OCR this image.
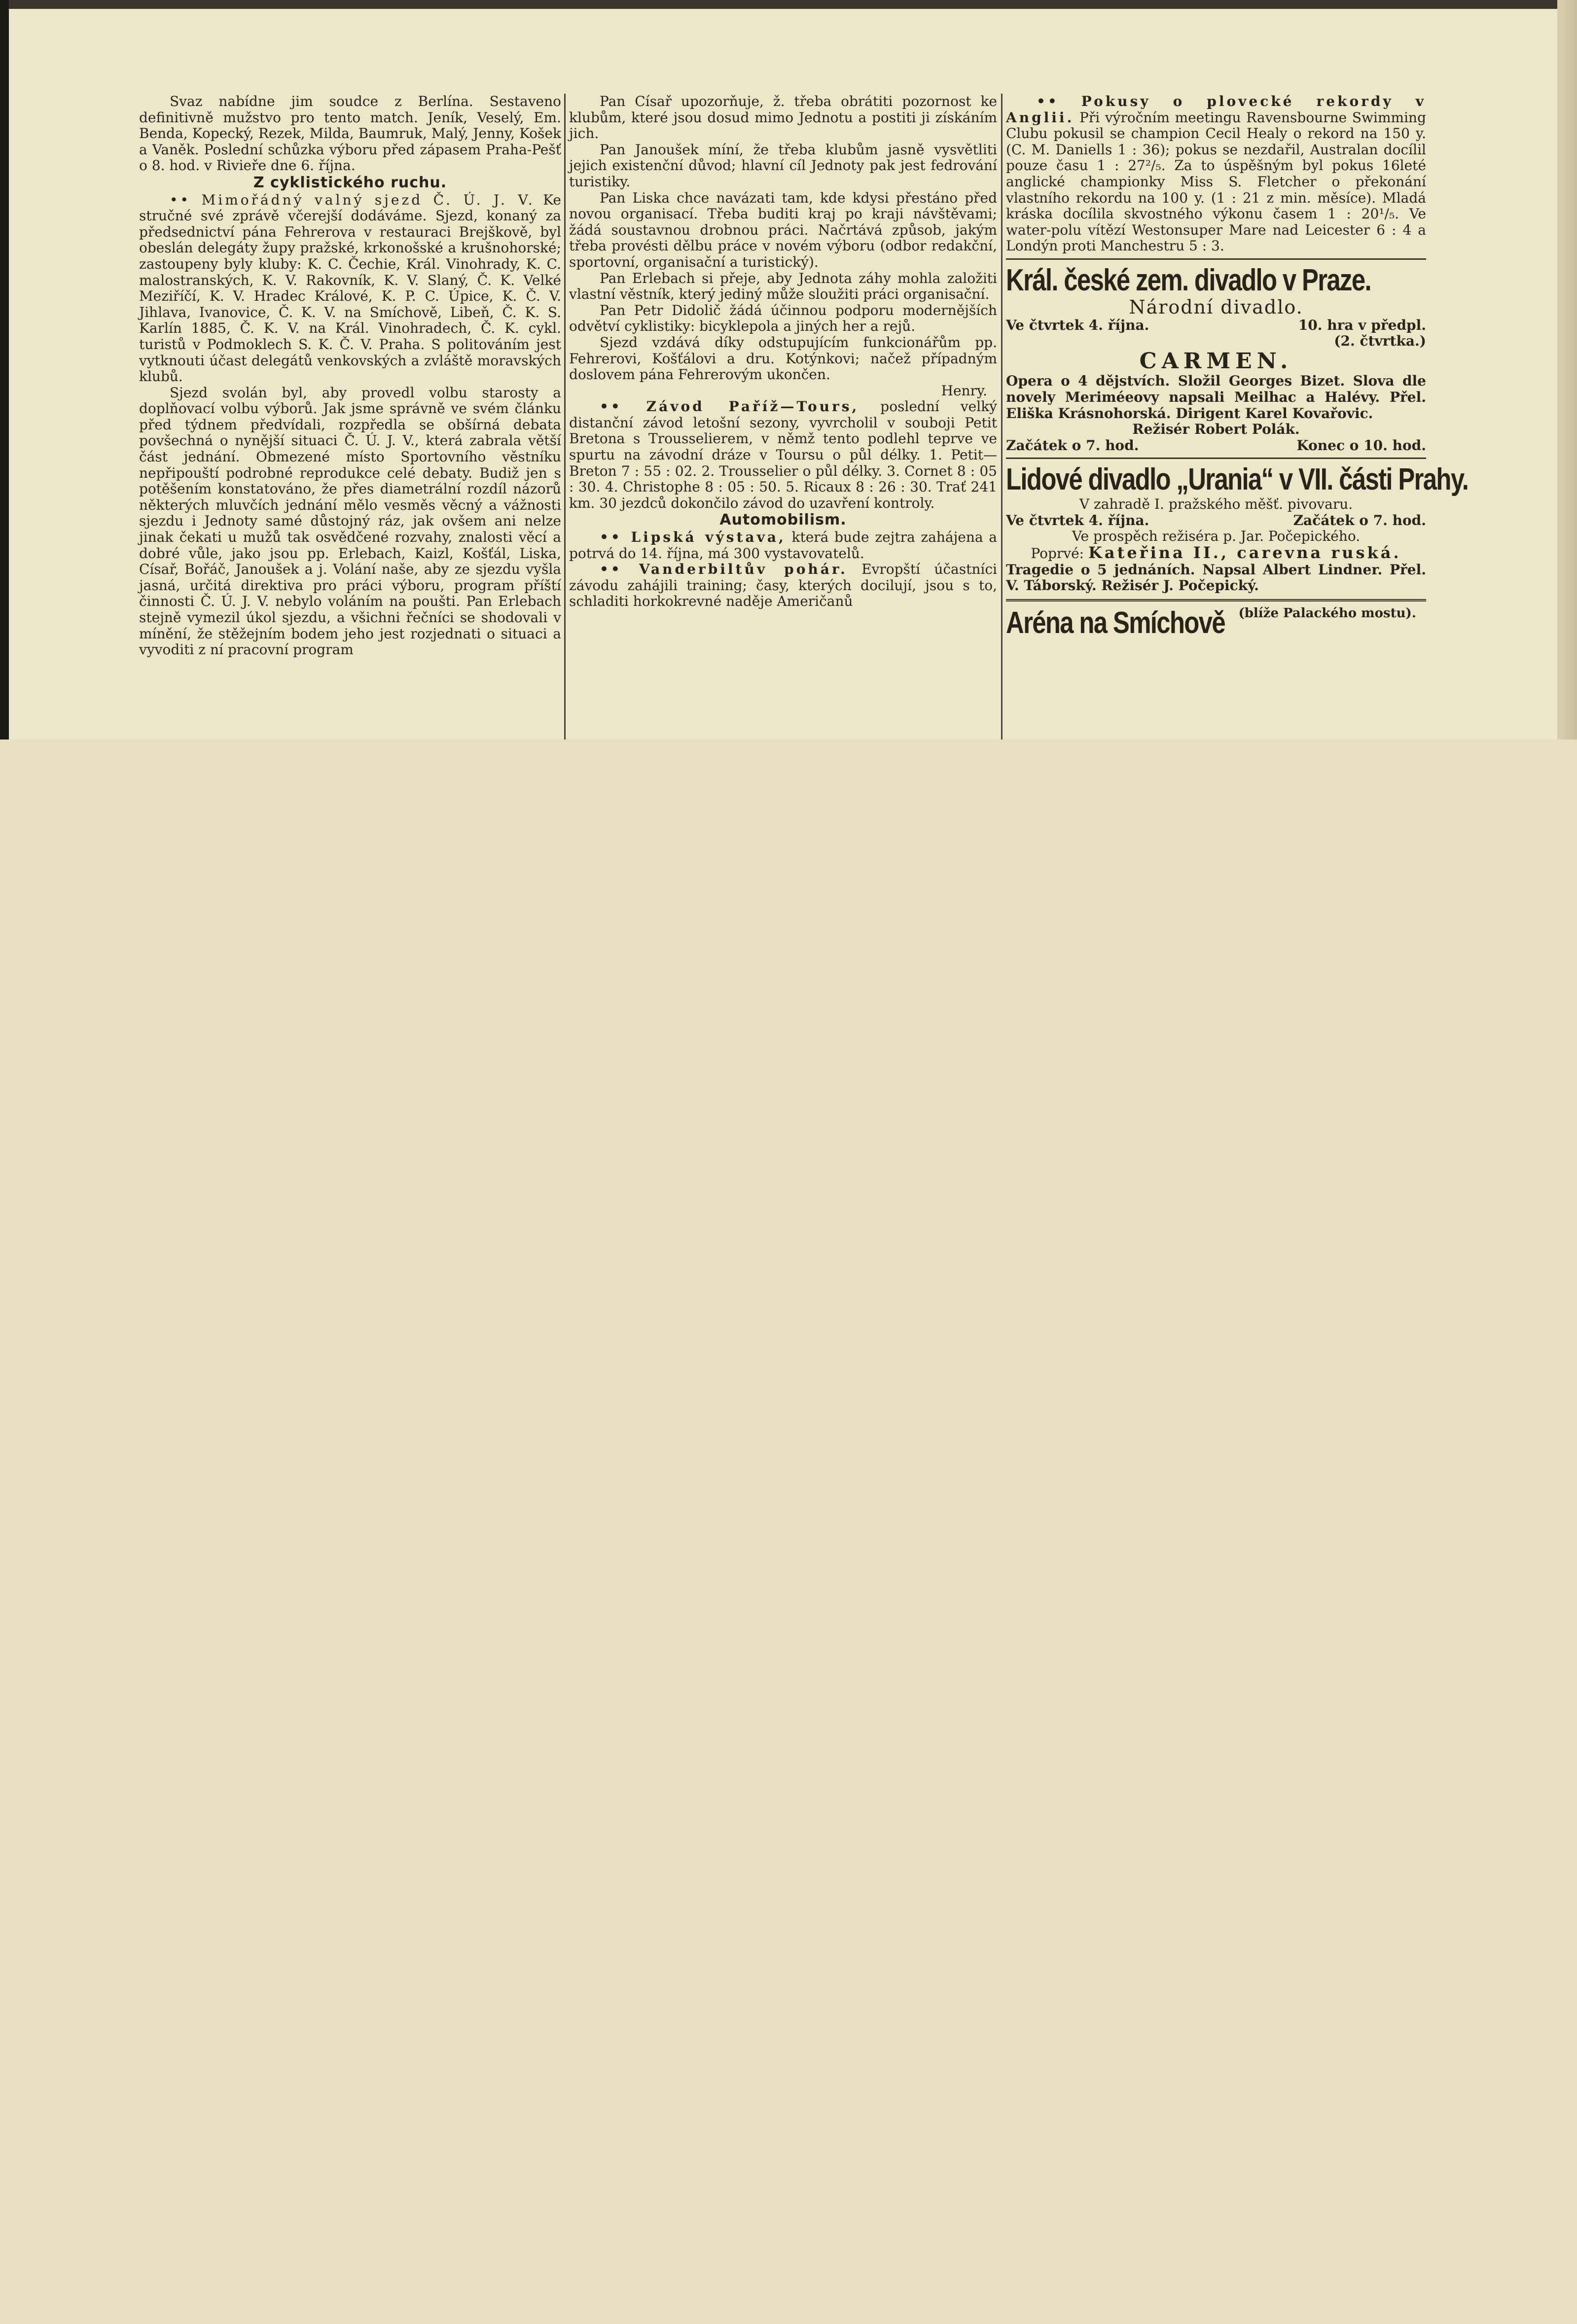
Svaz nabídne jim soudce z Berlína. Sestaveno definitivně mužstvo pro tento match. Jeník, Veselý, Em. Benda, Kopecký, Rezek, Milda, Baumruk, Malý, Jenny, Košek a Vaněk. Poslední schůzka výboru před zápasem Praha-Pešť o 8. hod. v Rivieře dne 6. října.

Z cyklistického ruchu.

•• Mimořádný valný sjezd Č. Ú. J. V. Ke stručné své zprávě včerejší dodáváme. Sjezd, konaný za předsednictví pána Fehrerova v restauraci Brejškově, byl obeslán delegáty župy pražské, krkonošské a krušnohorské; zastoupeny byly kluby: K. C. Čechie, Král. Vinohrady, K. C. malostranských, K. V. Rakovník, K. V. Slaný, Č. K. Velké Meziříčí, K. V. Hradec Králové, K. P. C. Úpice, K. Č. V. Jihlava, Ivanovice, Č. K. V. na Smíchově, Libeň, Č. K. S. Karlín 1885, Č. K. V. na Král. Vinohradech, Č. K. cykl. turistů v Podmoklech S. K. Č. V. Praha. S politováním jest vytknouti účast delegátů venkovských a zvláště moravských klubů.

Sjezd svolán byl, aby provedl volbu starosty a doplňovací volbu výborů. Jak jsme správně ve svém článku před týdnem předvídali, rozpředla se obšírná debata povšechná o nynější situaci Č. Ú. J. V., která zabrala větší část jednání. Obmezené místo Sportovního věstníku nepřipouští podrobné reprodukce celé debaty. Budiž jen s potěšením konstatováno, že přes diametrální rozdíl názorů některých mluvčích jednání mělo vesměs věcný a vážnosti sjezdu i Jednoty samé důstojný ráz, jak ovšem ani nelze jinak čekati u mužů tak osvědčené rozvahy, znalosti věcí a dobré vůle, jako jsou pp. Erlebach, Kaizl, Košťál, Liska, Císař, Bořáč, Janoušek a j. Volání naše, aby ze sjezdu vyšla jasná, určitá direktiva pro práci výboru, program příští činnosti Č. Ú. J. V. nebylo voláním na poušti. Pan Erlebach stejně vymezil úkol sjezdu, a všichni řečníci se shodovali v mínění, že stěžejním bodem jeho jest rozjednati o situaci a vyvoditi z ní pracovní program

Pan Císař upozorňuje, ž. třeba obrátiti pozornost ke klubům, které jsou dosud mimo Jednotu a postiti ji získáním jich.

Pan Janoušek míní, že třeba klubům jasně vysvětliti jejich existenční důvod; hlavní cíl Jednoty pak jest fedrování turistiky.

Pan Liska chce navázati tam, kde kdysi přestáno před novou organisací. Třeba buditi kraj po kraji návštěvami; žádá soustavnou drobnou práci. Načrtává způsob, jakým třeba provésti dělbu práce v novém výboru (odbor redakční, sportovní, organisační a turistický).

Pan Erlebach si přeje, aby Jednota záhy mohla založiti vlastní věstník, který jediný může sloužiti práci organisační.

Pan Petr Didolič žádá účinnou podporu modernějších odvětví cyklistiky: bicyklepola a jiných her a rejů.

Sjezd vzdává díky odstupujícím funkcionářům pp. Fehrerovi, Košťálovi a dru. Kotýnkovi; načež případným doslovem pána Fehrerovým ukončen.

Henry.

•• Závod Paříž—Tours, poslední velký distanční závod letošní sezony, vyvrcholil v souboji Petit Bretona s Trousselierem, v němž tento podlehl teprve ve spurtu na závodní dráze v Toursu o půl délky. 1. Petit—Breton 7 : 55 : 02. 2. Trousselier o půl délky. 3. Cornet 8 : 05 : 30. 4. Christophe 8 : 05 : 50. 5. Ricaux 8 : 26 : 30. Trať 241 km. 30 jezdců dokončilo závod do uzavření kontroly.

Automobilism.

•• Lipská výstava, která bude zejtra zahájena a potrvá do 14. října, má 300 vystavovatelů.

•• Vanderbiltův pohár. Evropští účastníci závodu zahájili training; časy, kterých docilují, jsou s to, schladiti horkokrevné naděje Američanů

•• Pokusy o plovecké rekordy v Anglii. Při výročním meetingu Ravensbourne Swimming Clubu pokusil se champion Cecil Healy o rekord na 150 y. (C. M. Daniells 1 : 36); pokus se nezdařil, Australan docílil pouze času 1 : 27²/₅. Za to úspěšným byl pokus 16leté anglické championky Miss S. Fletcher o překonání vlastního rekordu na 100 y. (1 : 21 z min. měsíce). Mladá kráska docílila skvostného výkonu časem 1 : 20¹/₅. Ve water-polu vítězí Westonsuper Mare nad Leicester 6 : 4 a Londýn proti Manchestru 5 : 3.

Král. české zem. divadlo v Praze.
Národní divadlo.
Ve čtvrtek 4. října.	10. hra v předpl.
(2. čtvrtka.)
CARMEN.

Opera o 4 dějstvích. Složil Georges Bizet. Slova dle novely Meriméeovy napsali Meilhac a Halévy. Přel. Eliška Krásnohorská. Dirigent Karel Kovařovic.

Režisér Robert Polák.
Začátek o 7. hod.	Konec o 10. hod.
Lidové divadlo „Urania“ v VII. části Prahy.
V zahradě I. pražského měšť. pivovaru.
Ve čtvrtek 4. října.	Začátek o 7. hod.
Ve prospěch režiséra p. Jar. Počepického.
Poprvé: Kateřina II., carevna ruská.

Tragedie o 5 jednáních. Napsal Albert Lindner. Přel. V. Táborský. Režisér J. Počepický.

Aréna na Smíchově (blíže Palackého mostu).
